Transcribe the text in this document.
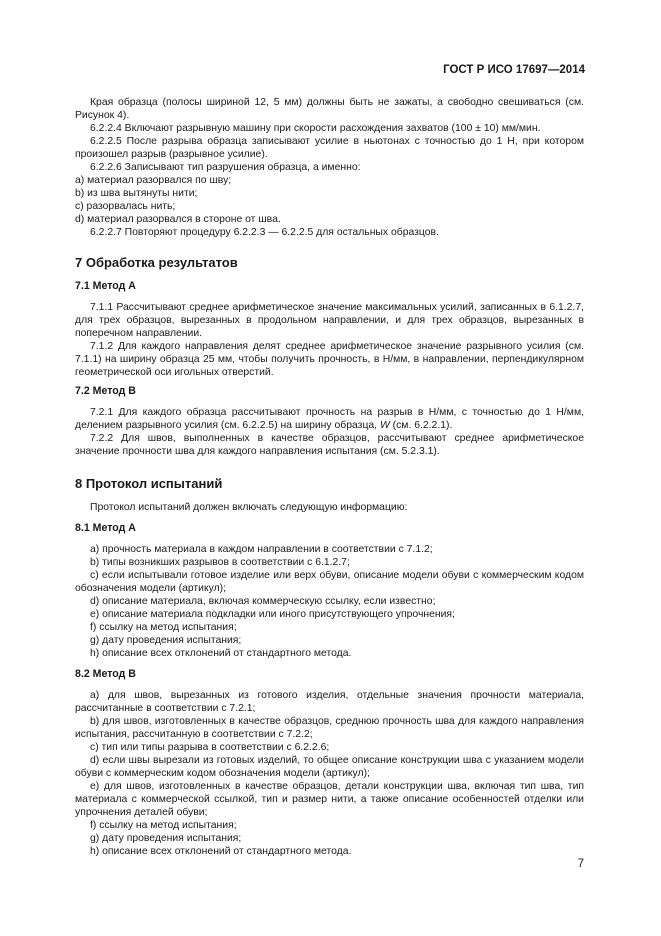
ГОСТ Р ИСО 17697—2014

Края образца (полосы шириной 12, 5 мм) должны быть не зажаты, а свободно свешиваться (см. Рисунок 4).

6.2.2.4 Включают разрывную машину при скорости расхождения захватов (100 ± 10) мм/мин.

6.2.2.5 После разрыва образца записывают усилие в ньютонах с точностью до 1 Н, при котором произошел разрыв (разрывное усилие).

6.2.2.6 Записывают тип разрушения образца, а именно:

a) материал разорвался по шву;

b) из шва вытянуты нити;

c) разорвалась нить;

d) материал разорвался в стороне от шва.

6.2.2.7 Повторяют процедуру 6.2.2.3 — 6.2.2.5 для остальных образцов.

7 Обработка результатов
7.1 Метод А

7.1.1 Рассчитывают среднее арифметическое значение максимальных усилий, записанных в 6.1.2.7, для трех образцов, вырезанных в продольном направлении, и для трех образцов, вырезанных в поперечном направлении.

7.1.2 Для каждого направления делят среднее арифметическое значение разрывного усилия (см. 7.1.1) на ширину образца 25 мм, чтобы получить прочность, в Н/мм, в направлении, перпендикулярном геометрической оси игольных отверстий.

7.2 Метод В

7.2.1 Для каждого образца рассчитывают прочность на разрыв в Н/мм, с точностью до 1 Н/мм, делением разрывного усилия (см. 6.2.2.5) на ширину образца, W (см. 6.2.2.1).

7.2.2 Для швов, выполненных в качестве образцов, рассчитывают среднее арифметическое значение прочности шва для каждого направления испытания (см. 5.2.3.1).

8 Протокол испытаний

Протокол испытаний должен включать следующую информацию:

8.1 Метод А

a) прочность материала в каждом направлении в соответствии с 7.1.2;

b) типы возникших разрывов в соответствии с 6.1.2.7;

c) если испытывали готовое изделие или верх обуви, описание модели обуви с коммерческим кодом обозначения модели (артикул);

d) описание материала, включая коммерческую ссылку, если известно;

e) описание материала подкладки или иного присутствующего упрочнения;

f) ссылку на метод испытания;

g) дату проведения испытания;

h) описание всех отклонений от стандартного метода.

8.2 Метод В

a) для швов, вырезанных из готового изделия, отдельные значения прочности материала, рассчитанные в соответствии с 7.2.1;

b) для швов, изготовленных в качестве образцов, среднюю прочность шва для каждого направления испытания, рассчитанную в соответствии с 7.2.2;

c) тип или типы разрыва в соответствии с 6.2.2.6;

d) если швы вырезали из готовых изделий, то общее описание конструкции шва с указанием модели обуви с коммерческим кодом обозначения модели (артикул);

e) для швов, изготовленных в качестве образцов, детали конструкции шва, включая тип шва, тип материала с коммерческой ссылкой, тип и размер нити, а также описание особенностей отделки или упрочнения деталей обуви;

f) ссылку на метод испытания;

g) дату проведения испытания;

h) описание всех отклонений от стандартного метода.

7
